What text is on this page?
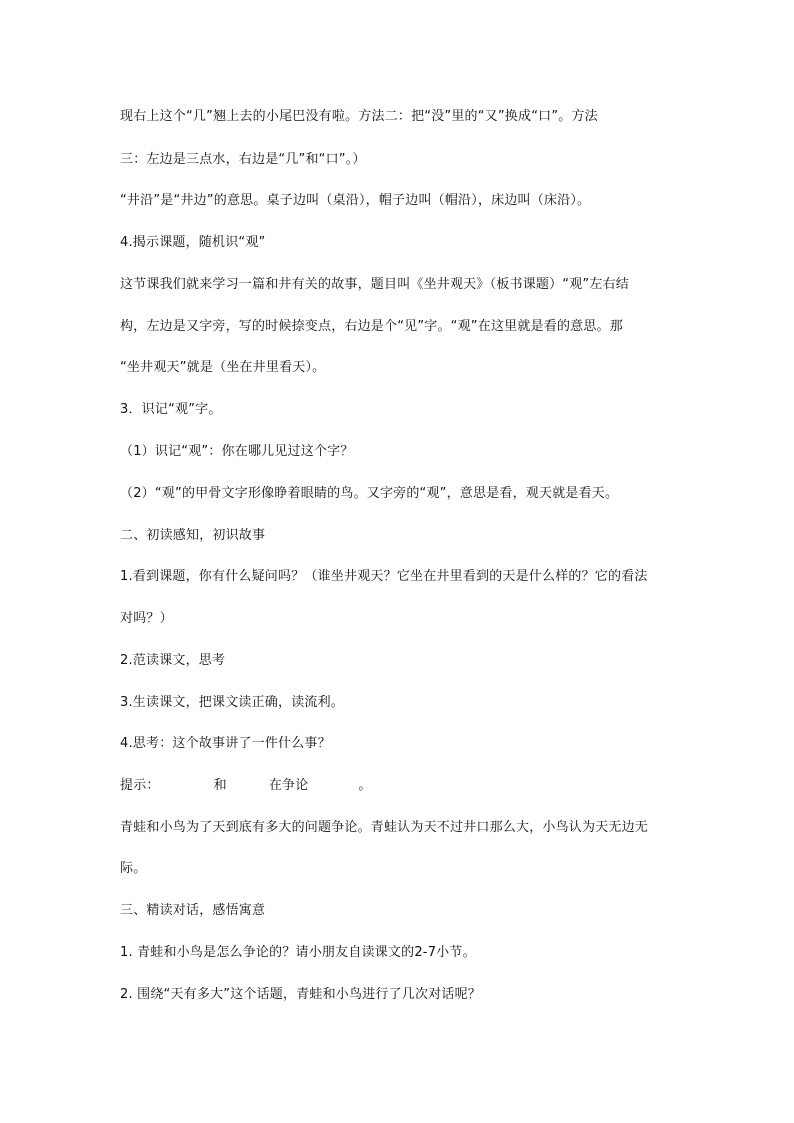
现右上这个“几”翘上去的小尾巴没有啦。方法二：把“没”里的“又”换成“口”。方法
三：左边是三点水，右边是“几”和“口”。）
“井沿”是“井边”的意思。桌子边叫（桌沿），帽子边叫（帽沿），床边叫（床沿）。
4.揭示课题，随机识“观”
这节课我们就来学习一篇和井有关的故事，题目叫《坐井观天》（板书课题）“观”左右结
构，左边是又字旁，写的时候捺变点，右边是个“见”字。“观”在这里就是看的意思。那
“坐井观天”就是（坐在井里看天）。
3．识记“观”字。
（1）识记“观”：你在哪儿见过这个字？
（2）“观”的甲骨文字形像睁着眼睛的鸟。又字旁的“观”，意思是看，观天就是看天。
二、初读感知，初识故事
1.看到课题，你有什么疑问吗？（谁坐井观天？它坐在井里看到的天是什么样的？它的看法
对吗？）
2.范读课文，思考
3.生读课文，把课文读正确，读流利。
4.思考：这个故事讲了一件什么事？
提示：	和	在争论	。
青蛙和小鸟为了天到底有多大的问题争论。青蛙认为天不过井口那么大，小鸟认为天无边无
际。
三、精读对话，感悟寓意
1. 青蛙和小鸟是怎么争论的？请小朋友自读课文的2-7小节。
2. 围绕“天有多大”这个话题，青蛙和小鸟进行了几次对话呢？
